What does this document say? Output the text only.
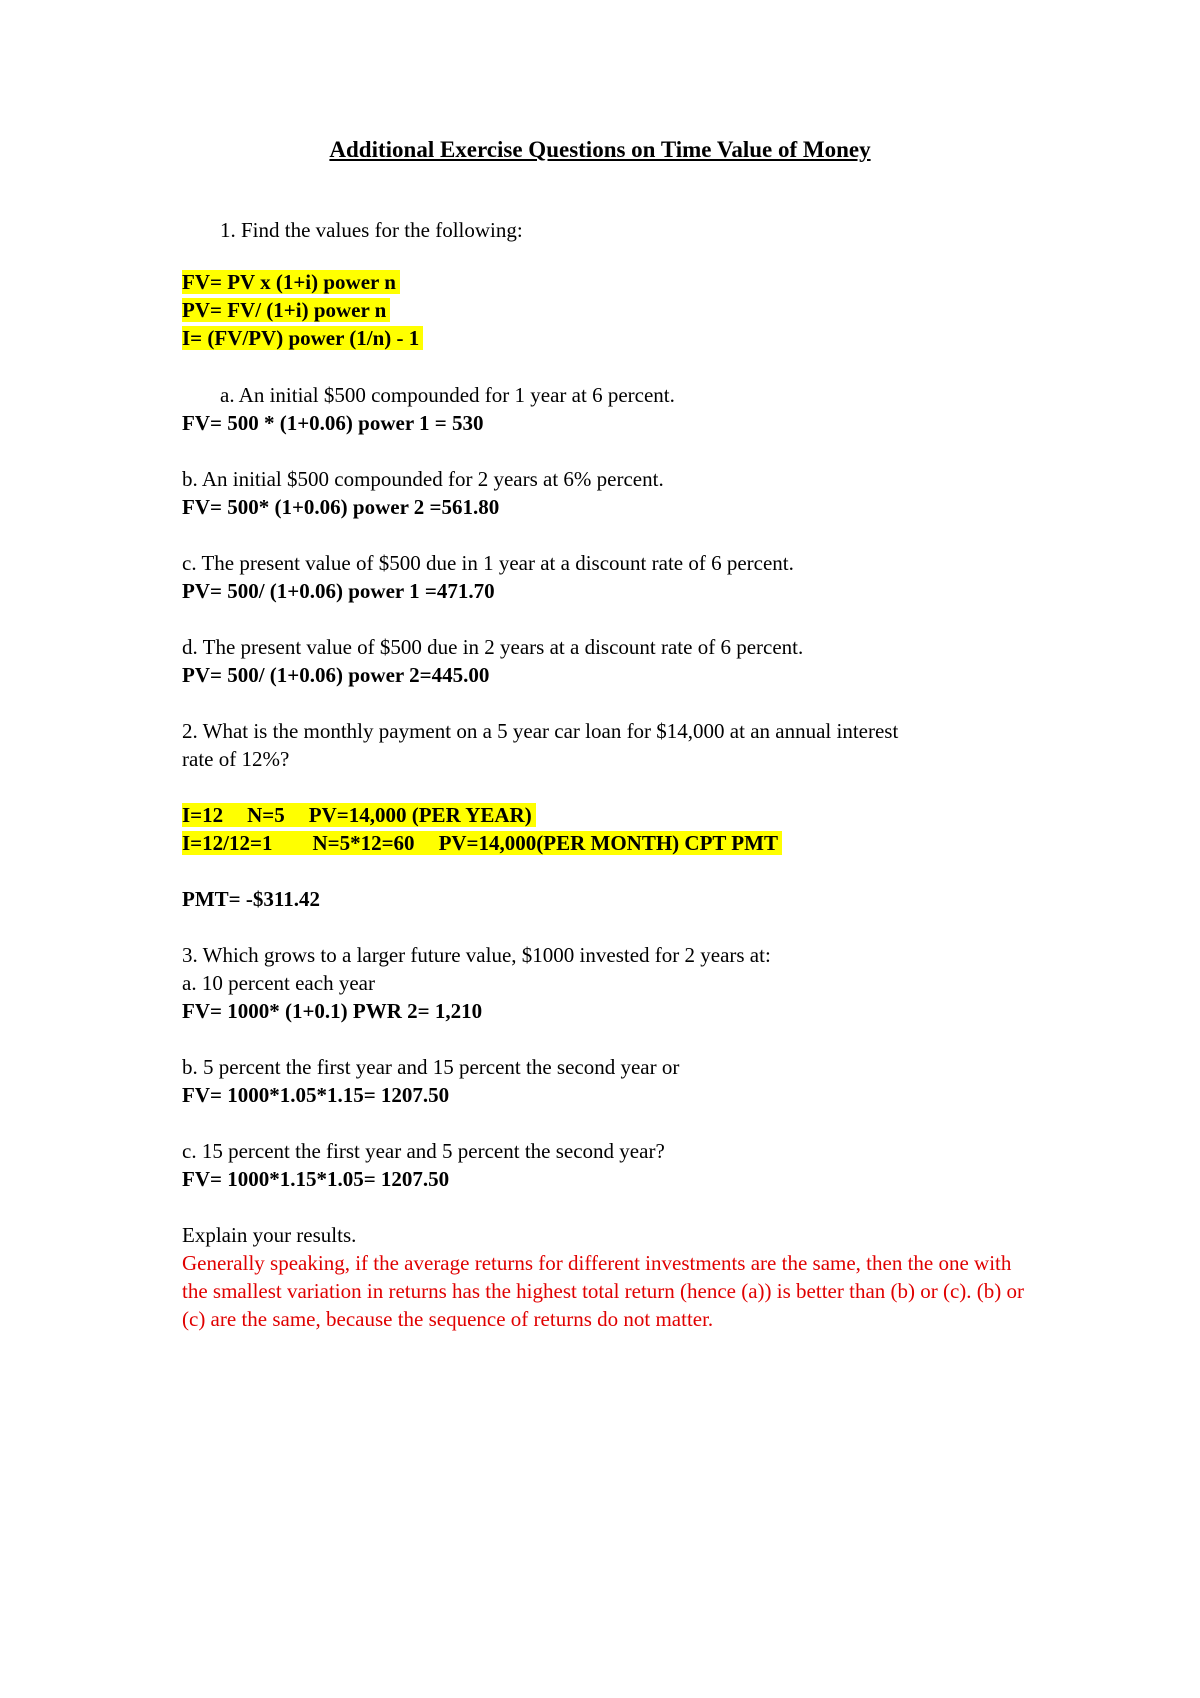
Additional Exercise Questions on Time Value of Money

1. Find the values for the following:

FV= PV x (1+i) power n

PV= FV/ (1+i) power n

I= (FV/PV) power (1/n) - 1

a. An initial $500 compounded for 1 year at 6 percent.

FV= 500 * (1+0.06) power 1 = 530

b. An initial $500 compounded for 2 years at 6% percent.

FV= 500* (1+0.06) power 2 =561.80

c. The present value of $500 due in 1 year at a discount rate of 6 percent.

PV= 500/ (1+0.06) power 1 =471.70

d. The present value of $500 due in 2 years at a discount rate of 6 percent.

PV= 500/ (1+0.06) power 2=445.00

2. What is the monthly payment on a 5 year car loan for $14,000 at an annual interest

rate of 12%?

I=12 N=5 PV=14,000 (PER YEAR)

I=12/12=1 N=5*12=60 PV=14,000(PER MONTH) CPT PMT

PMT= -$311.42

3. Which grows to a larger future value, $1000 invested for 2 years at:

a. 10 percent each year

FV= 1000* (1+0.1) PWR 2= 1,210

b. 5 percent the first year and 15 percent the second year or

FV= 1000*1.05*1.15= 1207.50

c. 15 percent the first year and 5 percent the second year?

FV= 1000*1.15*1.05= 1207.50

Explain your results.

Generally speaking, if the average returns for different investments are the same, then the one with the smallest variation in returns has the highest total return (hence (a)) is better than (b) or (c). (b) or (c) are the same, because the sequence of returns do not matter.
